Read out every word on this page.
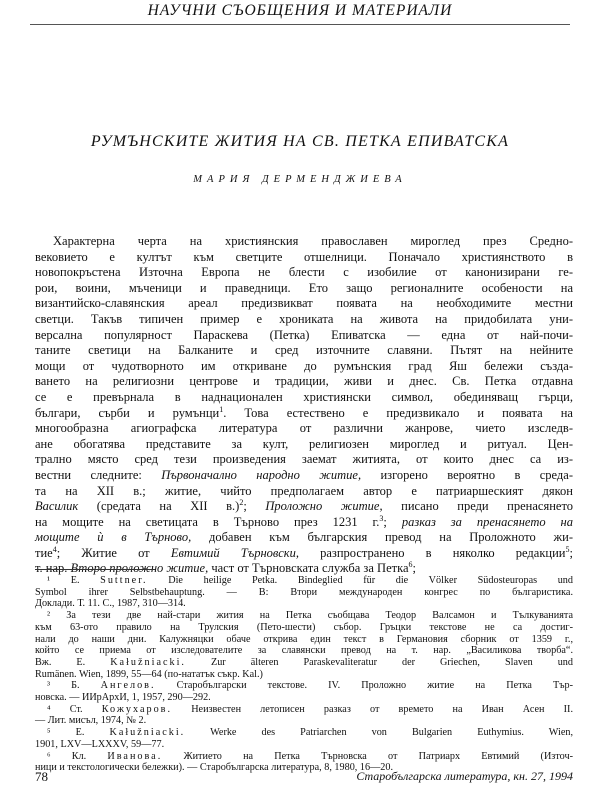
НАУЧНИ СЪОБЩЕНИЯ И МАТЕРИАЛИ
РУМЪНСКИТЕ ЖИТИЯ НА СВ. ПЕТКА ЕПИВАТСКА
МАРИЯ ДЕРМЕНДЖИЕВА
Характерна черта на християнския православен мироглед през Средно-
вековието е култът към светците отшелници. Поначало християнството в
новопокръстена Източна Европа не блести с изобилие от канонизирани ге-
рои, воини, мъченици и праведници. Ето защо регионалните особености на
византийско-славянския ареал предизвикват появата на необходимите местни
светци. Такъв типичен пример е хрониката на живота на придобилата уни-
версална популярност Параскева (Петка) Епиватска — една от най-почи-
таните светици на Балканите и сред източните славяни. Пътят на нейните
мощи от чудотворното им откриване до румънския град Яш бележи създа-
ването на религиозни центрове и традиции, живи и днес. Св. Петка отдавна
се е превърнала в наднационален християнски символ, обединяващ гърци,
българи, сърби и румънци$^1$. Това естествено е предизвикало и появата на
многообразна агиографска литература от различни жанрове, чието изследв-
ане обогатява представите за култ, религиозен мироглед и ритуал. Цен-
трално място сред тези произведения заемат житията, от които днес са из-
вестни следните: Първоначално народно житие, изгорено вероятно в среда-
та на XII в.; житие, чийто предполагаем автор е патриаршеският дякон
Василик (средата на XII в.)$^2$; Проложно житие, писано преди пренасянето
на мощите на светицата в Търново през 1231 г.$^3$; разказ за пренасянето на
мощите ѝ в Търново, добавен към българския превод на Проложното жи-
тие$^4$; Житие от Евтимий Търновски, разпространено в няколко редакции$^5$;
т. нар. Второ проложно житие, част от Търновската служба за Петка$^6$;
¹ E. Suttner. Die heilige Petka. Bindeglied für die Völker Südosteuropas und
Symbol ihrer Selbstbehauptung. — В: Втори международен конгрес по българистика.
Доклади. Т. 11. С., 1987, 310—314.
² За тези две най-стари жития на Петка съобщава Теодор Валсамон и Тълкуванията
към 63-ото правило на Трулския (Пето-шести) събор. Гръцки текстове не са достиг-
нали до наши дни. Калужняцки обаче открива един текст в Германовия сборник от 1359 г.,
който се приема от изследователите за славянски превод на т. нар. „Василикова творба“.
Вж. E. Kałužniacki. Zur älteren Paraskevaliteratur der Griechen, Slaven und
Rumänen. Wien, 1899, 55—64 (по-нататък съкр. Kal.)
³ Б. Ангелов. Старобългарски текстове. IV. Проложно житие на Петка Тър-
новска. — ИИрАрхИ, 1, 1957, 290—292.
⁴ Ст. Кожухаров. Неизвестен летописен разказ от времето на Иван Асен II.
— Лит. мисъл, 1974, № 2.
⁵ E. Kałužniacki. Werke des Patriarchen von Bulgarien Euthymius. Wien,
1901, LXV—LXXXV, 59—77.
⁶ Кл. Иванова. Житието на Петка Търновска от Патриарх Евтимий (Източ-
ници и текстологически бележки). — Старобългарска литература, 8, 1980, 16—20.
78	Старобългарска литература, кн. 27, 1994
